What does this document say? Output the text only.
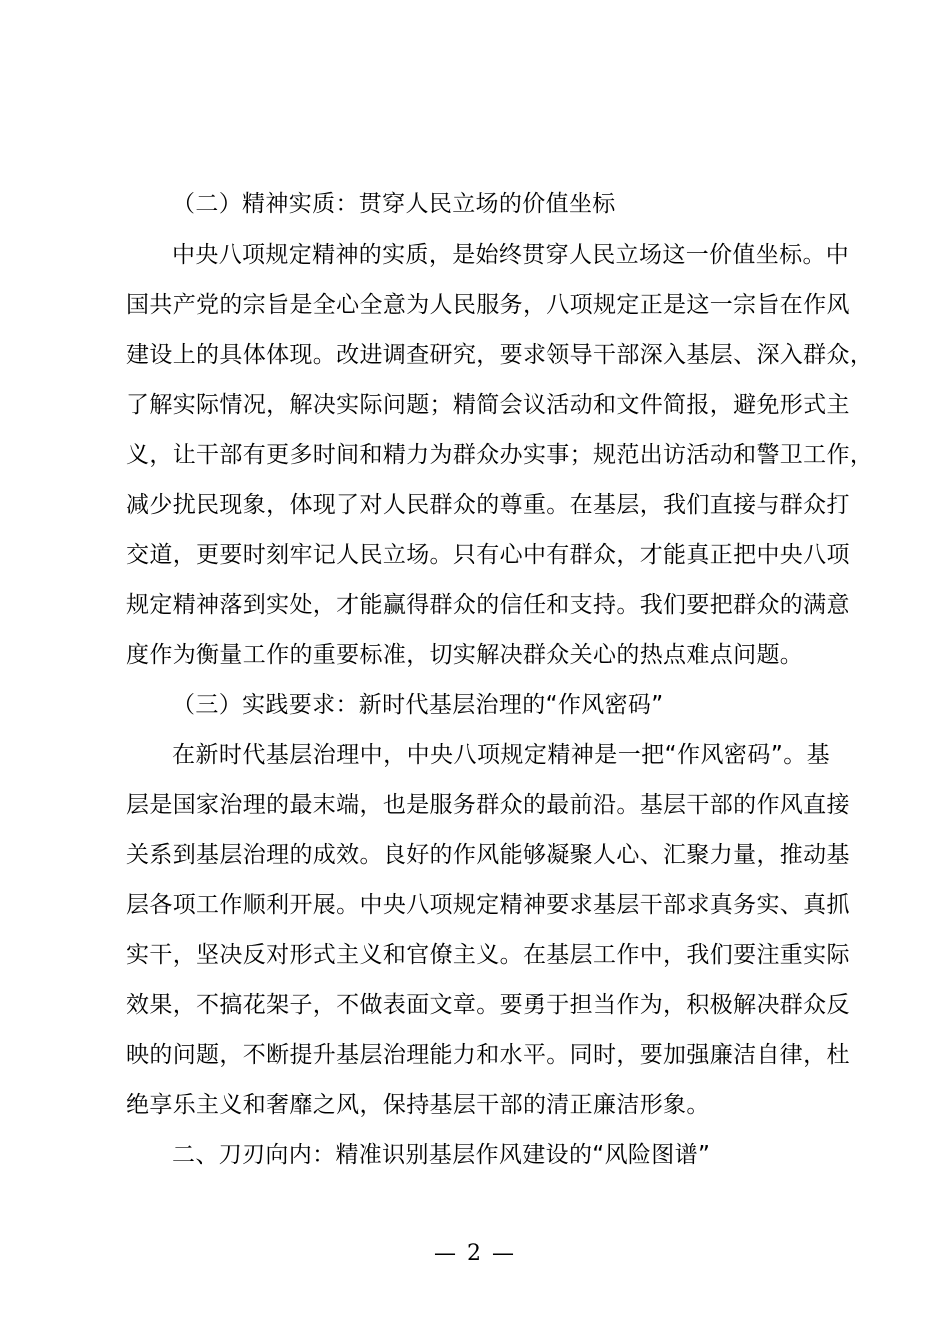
（二）精神实质：贯穿人民立场的价值坐标
中央八项规定精神的实质，是始终贯穿人民立场这一价值坐标。中
国共产党的宗旨是全心全意为人民服务，八项规定正是这一宗旨在作风
建设上的具体体现。改进调查研究，要求领导干部深入基层、深入群众，
了解实际情况，解决实际问题；精简会议活动和文件简报，避免形式主
义，让干部有更多时间和精力为群众办实事；规范出访活动和警卫工作，
减少扰民现象，体现了对人民群众的尊重。在基层，我们直接与群众打
交道，更要时刻牢记人民立场。只有心中有群众，才能真正把中央八项
规定精神落到实处，才能赢得群众的信任和支持。我们要把群众的满意
度作为衡量工作的重要标准，切实解决群众关心的热点难点问题。
（三）实践要求：新时代基层治理的“作风密码”
在新时代基层治理中，中央八项规定精神是一把“作风密码”。基
层是国家治理的最末端，也是服务群众的最前沿。基层干部的作风直接
关系到基层治理的成效。良好的作风能够凝聚人心、汇聚力量，推动基
层各项工作顺利开展。中央八项规定精神要求基层干部求真务实、真抓
实干，坚决反对形式主义和官僚主义。在基层工作中，我们要注重实际
效果，不搞花架子，不做表面文章。要勇于担当作为，积极解决群众反
映的问题，不断提升基层治理能力和水平。同时，要加强廉洁自律，杜
绝享乐主义和奢靡之风，保持基层干部的清正廉洁形象。
二、刀刃向内：精准识别基层作风建设的“风险图谱”
— 2 —
